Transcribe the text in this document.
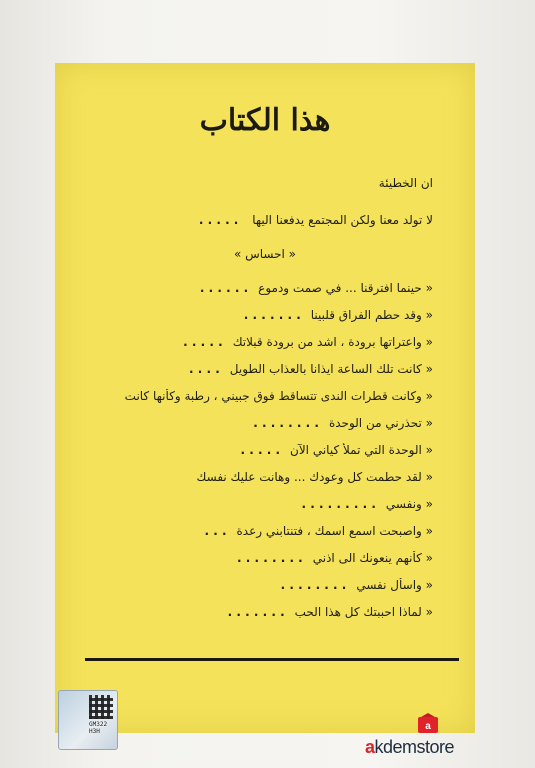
هذا الكتاب
ان الخطيئة
لا تولد معنا ولكن المجتمع يدفعنا اليها . . . . .
« احساس »
« حينما افترقنا ... في صمت ودموع. . . . . .
« وقد حطم الفراق قلبينا. . . . . . .
« واعتراتها برودة ، اشد من برودة قبلاتك. . . . .
« كانت تلك الساعة ايذانا بالعذاب الطويل. . . .
« وكانت قطرات الندى تتساقط فوق جبيني ، رطبة وكأنها كانت
« تحذرني من الوحدة. . . . . . . .
« الوحدة التي تملأ كياني الآن. . . . .
« لقد حطمت كل وعودك ... وهانت عليك نفسك
« ونفسي. . . . . . . . .
« واصبحت اسمع اسمك ، فتنتابني رعدة. . .
« كأنهم ينعونك الى اذني. . . . . . . .
« واسأل نفسي. . . . . . . .
« لماذا احببتك كل هذا الحب. . . . . . .
GM322
H3H	a
akdemstore
